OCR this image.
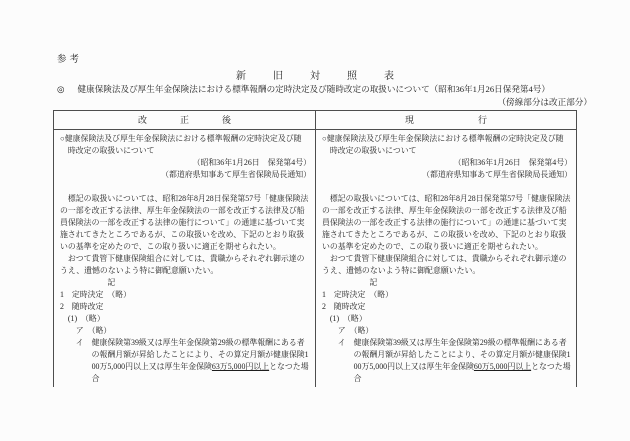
参考
新旧対照表
◎ 健康保険法及び厚生年金保険法における標準報酬の定時決定及び随時改定の取扱いについて（昭和36年1月26日保発第4号）
（傍線部分は改正部分）
改正後
○健康保険法及び厚生年金保険法における標準報酬の定時決定及び随
　時改定の取扱いについて
（昭和36年1月26日　保発第4号）
（都道府県知事あて厚生省保険局長通知）

　標記の取扱いについては、昭和28年8月28日保発第57号「健康保険法
の一部を改正する法律、厚生年金保険法の一部を改正する法律及び船
員保険法の一部を改正する法律の施行について」の通達に基づいて実
施されてきたところであるが、この取扱いを改め、下記のとおり取扱
いの基準を定めたので、この取り扱いに適正を期せられたい。
　おつて貴管下健康保険組合に対しては、貴職からそれぞれ御示達の
うえ、遺憾のないよう特に御配意願いたい。
　　　　　　記
1　定時決定　（略）
2　随時改定
　(1)　（略）
　　ア　（略）
　　イ　健康保険第39級又は厚生年金保険第29級の標準報酬にある者
　　　　の報酬月額が昇給したことにより、その算定月額が健康保険1
　　　　00万5,000円以上又は厚生年金保険63万5,000円以上となつた場
　　　　合
現行
○健康保険法及び厚生年金保険法における標準報酬の定時決定及び随
　時改定の取扱いについて
（昭和36年1月26日　保発第4号）
（都道府県知事あて厚生省保険局長通知）

　標記の取扱いについては、昭和28年8月28日保発第57号「健康保険法
の一部を改正する法律、厚生年金保険法の一部を改正する法律及び船
員保険法の一部を改正する法律の施行について」の通達に基づいて実
施されてきたところであるが、この取扱いを改め、下記のとおり取扱
いの基準を定めたので、この取り扱いに適正を期せられたい。
　おつて貴管下健康保険組合に対しては、貴職からそれぞれ御示達の
うえ、遺憾のないよう特に御配意願いたい。
　　　　　　記
1　定時決定　（略）
2　随時改定
　(1)　（略）
　　ア　（略）
　　イ　健康保険第39級又は厚生年金保険第29級の標準報酬にある者
　　　　の報酬月額が昇給したことにより、その算定月額が健康保険1
　　　　00万5,000円以上又は厚生年金保険60万5,000円以上となつた場
　　　　合
